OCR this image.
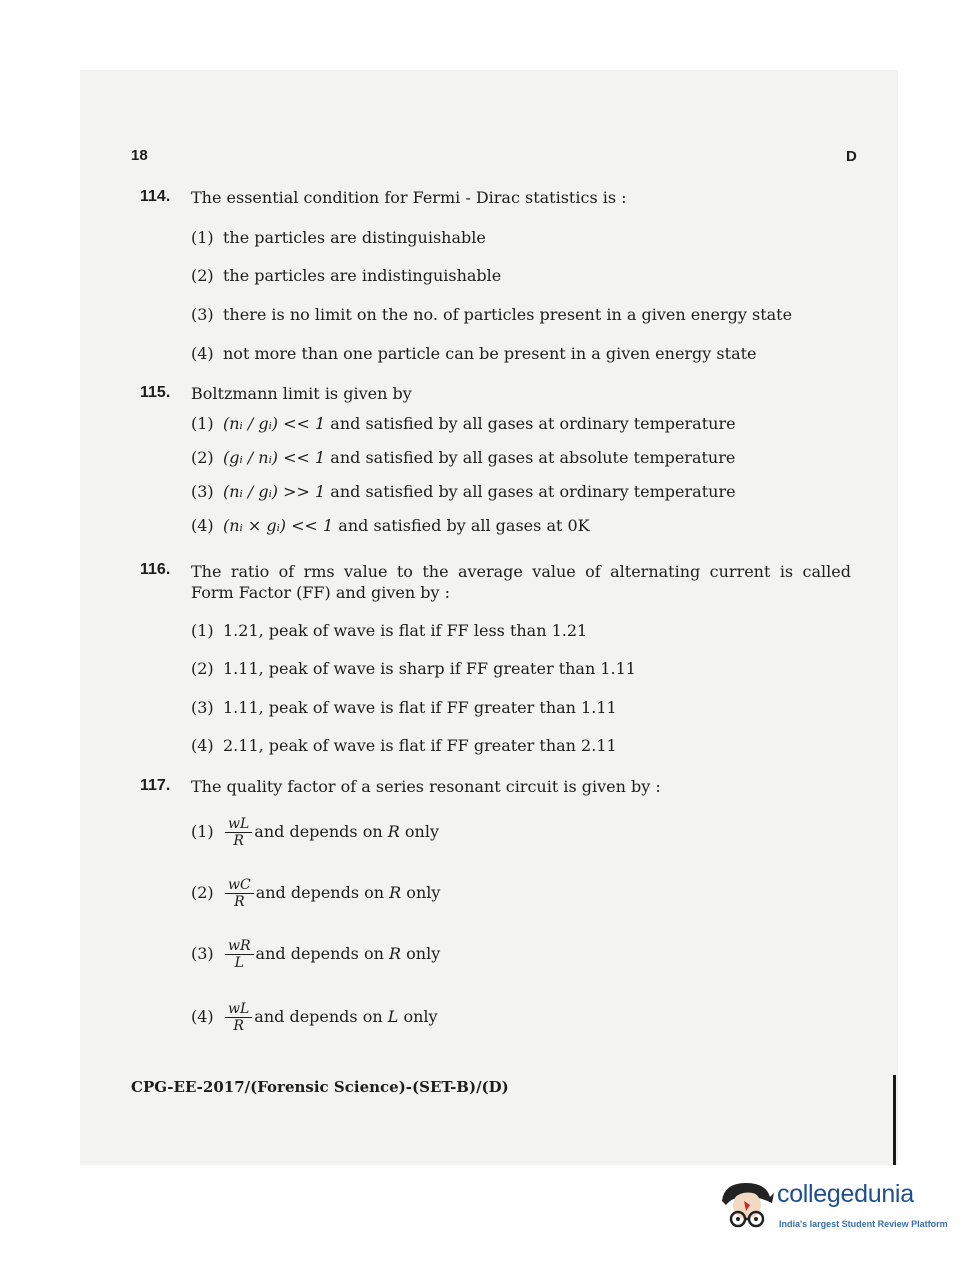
18	D
114. The essential condition for Fermi - Dirac statistics is :
(1) the particles are distinguishable
(2) the particles are indistinguishable
(3) there is no limit on the no. of particles present in a given energy state
(4) not more than one particle can be present in a given energy state
115. Boltzmann limit is given by
(1) (nᵢ / gᵢ) << 1 and satisfied by all gases at ordinary temperature
(2) (gᵢ / nᵢ) << 1 and satisfied by all gases at absolute temperature
(3) (nᵢ / gᵢ) >> 1 and satisfied by all gases at ordinary temperature
(4) (nᵢ × gᵢ) << 1 and satisfied by all gases at 0K
116. The ratio of rms value to the average value of alternating current is called
Form Factor (FF) and given by :
(1) 1.21, peak of wave is flat if FF less than 1.21
(2) 1.11, peak of wave is sharp if FF greater than 1.11
(3) 1.11, peak of wave is flat if FF greater than 1.11
(4) 2.11, peak of wave is flat if FF greater than 2.11
117. The quality factor of a series resonant circuit is given by :
$(1) \frac{wL}{R}$ and depends on R only
$(2) \frac{wC}{R}$ and depends on R only
$(3) \frac{wR}{L}$ and depends on R only
$(4) \frac{wL}{R}$ and depends on L only
CPG-EE-2017/(Forensic Science)-(SET-B)/(D)
collegedunia
India's largest Student Review Platform
